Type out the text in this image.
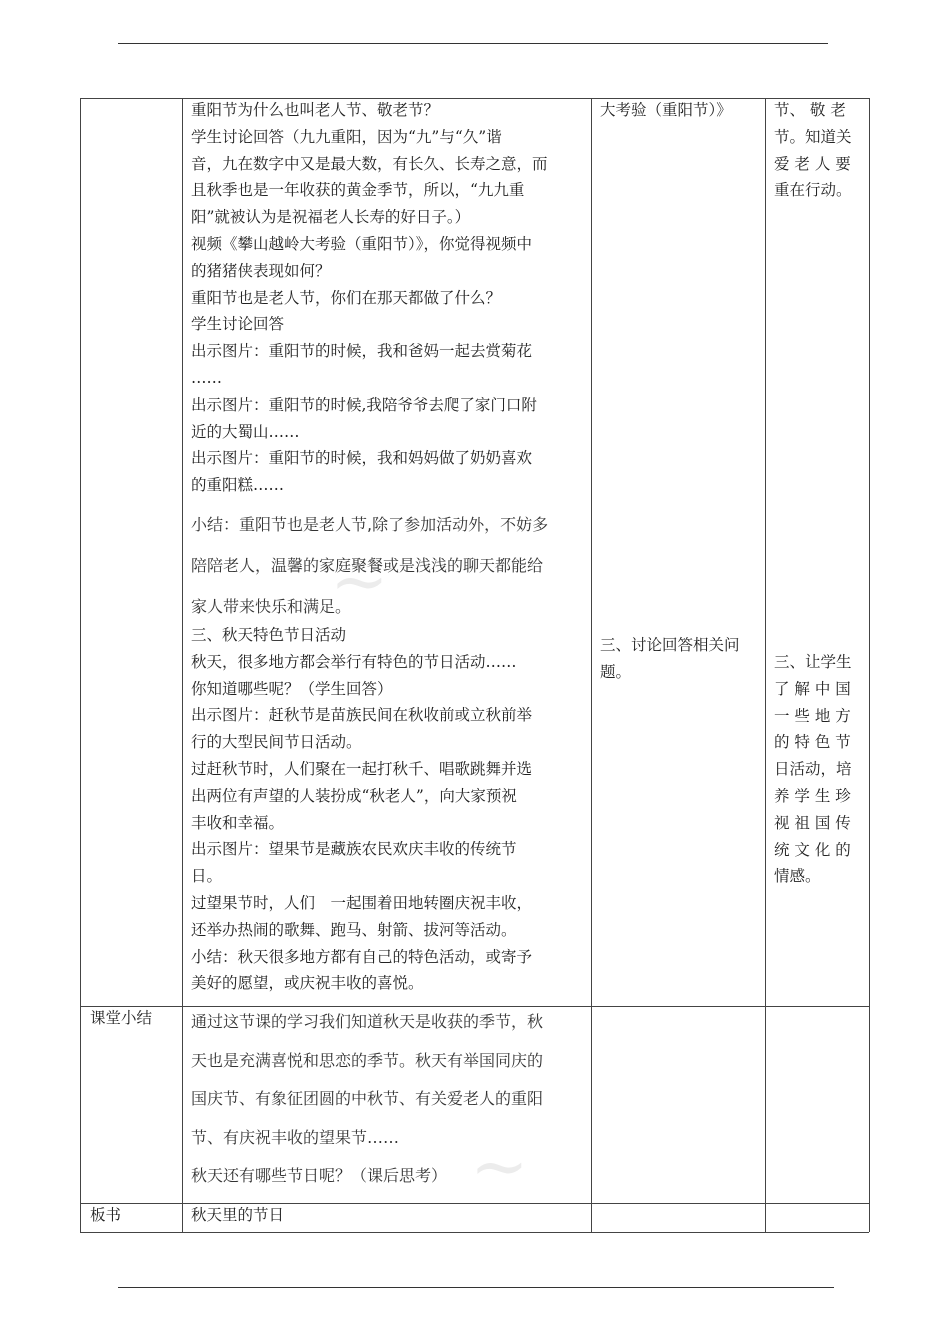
~
~

重阳节为什么也叫老人节、敬老节？

学生讨论回答（九九重阳，因为“九”与“久”谐

音，九在数字中又是最大数，有长久、长寿之意，而

且秋季也是一年收获的黄金季节，所以，“九九重

阳”就被认为是祝福老人长寿的好日子。）

视频《攀山越岭大考验（重阳节）》，你觉得视频中

的猪猪侠表现如何？

重阳节也是老人节，你们在那天都做了什么？

学生讨论回答

出示图片：重阳节的时候，我和爸妈一起去赏菊花

……

出示图片：重阳节的时候,我陪爷爷去爬了家门口附

近的大蜀山……

出示图片：重阳节的时候，我和妈妈做了奶奶喜欢

的重阳糕……

小结：重阳节也是老人节,除了参加活动外，不妨多

陪陪老人，温馨的家庭聚餐或是浅浅的聊天都能给

家人带来快乐和满足。

三、秋天特色节日活动

秋天，很多地方都会举行有特色的节日活动……

你知道哪些呢？（学生回答）

出示图片：赶秋节是苗族民间在秋收前或立秋前举

行的大型民间节日活动。

过赶秋节时，人们聚在一起打秋千、唱歌跳舞并选

出两位有声望的人装扮成“秋老人”，向大家预祝

丰收和幸福。

出示图片：望果节是藏族农民欢庆丰收的传统节

日。

过望果节时，人们　一起围着田地转圈庆祝丰收，

还举办热闹的歌舞、跑马、射箭、拔河等活动。

小结：秋天很多地方都有自己的特色活动，或寄予

美好的愿望，或庆祝丰收的喜悦。

大考验（重阳节）》

三、讨论回答相关问

题。

节、 敬 老

节。知道关

爱 老 人 要

重在行动。

三、让学生

了 解 中 国

一 些 地 方

的 特 色 节

日活动，培

养 学 生 珍

视 祖 国 传

统 文 化 的

情感。

课堂小结	通过这节课的学习我们知道秋天是收获的季节，秋

天也是充满喜悦和思恋的季节。秋天有举国同庆的

国庆节、有象征团圆的中秋节、有关爱老人的重阳

节、有庆祝丰收的望果节……

秋天还有哪些节日呢？（课后思考）

板书	秋天里的节日
